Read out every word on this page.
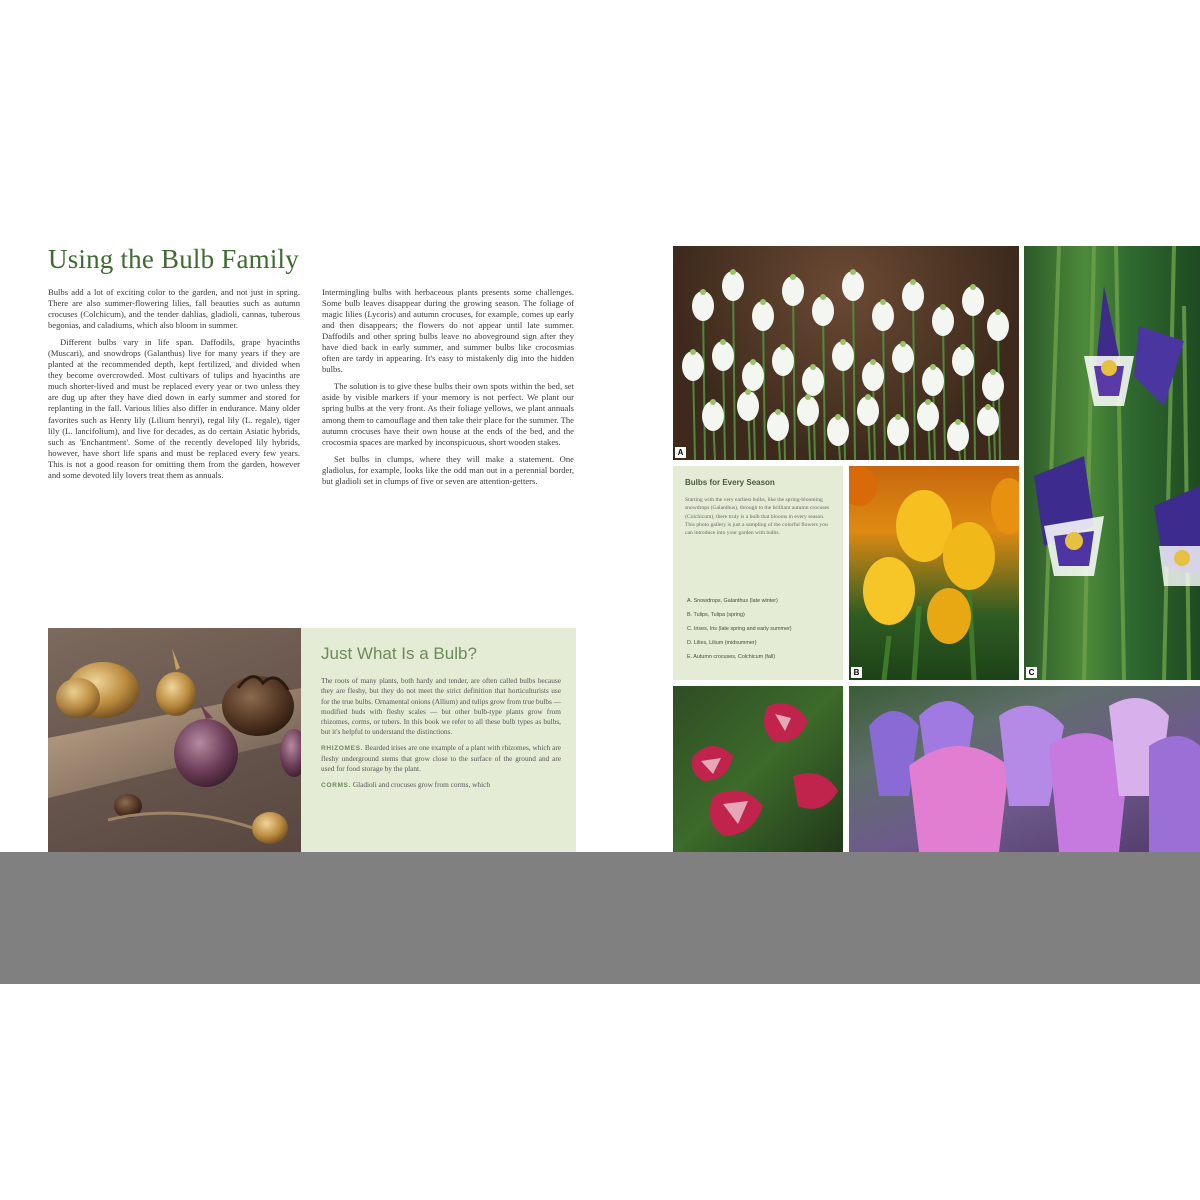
Using the Bulb Family

Bulbs add a lot of exciting color to the garden, and not just in spring. There are also summer-flowering lilies, fall beauties such as autumn crocuses (Colchicum), and the tender dahlias, gladioli, cannas, tuberous begonias, and caladiums, which also bloom in summer.

Different bulbs vary in life span. Daffodils, grape hyacinths (Muscari), and snowdrops (Galanthus) live for many years if they are planted at the recommended depth, kept fertilized, and divided when they become overcrowded. Most cultivars of tulips and hyacinths are much shorter-lived and must be replaced every year or two unless they are dug up after they have died down in early summer and stored for replanting in the fall. Various lilies also differ in endurance. Many older favorites such as Henry lily (Lilium henryi), regal lily (L. regale), tiger lily (L. lancifolium), and live for decades, as do certain Asiatic hybrids, such as 'Enchantment'. Some of the recently developed lily hybrids, however, have short life spans and must be replaced every few years. This is not a good reason for omitting them from the garden, however and some devoted lily lovers treat them as annuals.

Intermingling bulbs with herbaceous plants presents some challenges. Some bulb leaves disappear during the growing season. The foliage of magic lilies (Lycoris) and autumn crocuses, for example, comes up early and then disappears; the flowers do not appear until late summer. Daffodils and other spring bulbs leave no aboveground sign after they have died back in early summer, and summer bulbs like crocosmias often are tardy in appearing. It's easy to mistakenly dig into the hidden bulbs.

The solution is to give these bulbs their own spots within the bed, set aside by visible markers if your memory is not perfect. We plant our spring bulbs at the very front. As their foliage yellows, we plant annuals among them to camouflage and then take their place for the summer. The autumn crocuses have their own house at the ends of the bed, and the crocosmia spaces are marked by inconspicuous, short wooden stakes.

Set bulbs in clumps, where they will make a statement. One gladiolus, for example, looks like the odd man out in a perennial border, but gladioli set in clumps of five or seven are attention-getters.

Just What Is a Bulb?

The roots of many plants, both hardy and tender, are often called bulbs because they are fleshy, but they do not meet the strict definition that horticulturists use for the true bulbs. Ornamental onions (Allium) and tulips grow from true bulbs — modified buds with fleshy scales — but other bulb-type plants grow from rhizomes, corms, or tubers. In this book we refer to all these bulb types as bulbs, but it's helpful to understand the distinctions.

RHIZOMES. Bearded irises are one example of a plant with rhizomes, which are fleshy underground stems that grow close to the surface of the ground and are used for food storage by the plant.

CORMS. Gladioli and crocuses grow from corms, which

A
C
Bulbs for Every Season
Starting with the very earliest bulbs, like the spring-blooming snowdrops (Galanthus), through to the brilliant autumn crocuses (Colchicum), there truly is a bulb that blooms in every season. This photo gallery is just a sampling of the colorful flowers you can introduce into your garden with bulbs.
A. Snowdrops, Galanthus (late winter)
B. Tulips, Tulipa (spring)
C. Irises, Iris (late spring and early summer)
D. Lilies, Lilium (midsummer)
E. Autumn crocuses, Colchicum (fall)
B
